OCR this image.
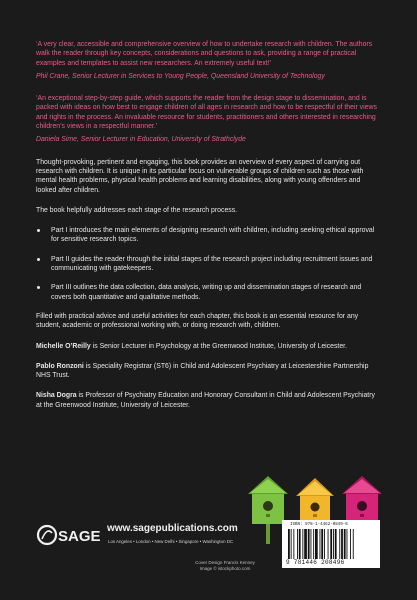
‘A very clear, accessible and comprehensive overview of how to undertake research with children. The authors walk the reader through key concepts, considerations and questions to ask, providing a range of practical examples and templates to assist new researchers. An extremely useful text!’

Phil Crane, Senior Lecturer in Services to Young People, Queensland University of Technology

‘An exceptional step-by-step guide, which supports the reader from the design stage to dissemination, and is packed with ideas on how best to engage children of all ages in research and how to be respectful of their views and rights in the process. An invaluable resource for students, practitioners and others interested in researching children’s views in a respectful manner.’

Daniela Sime, Senior Lecturer in Education, University of Strathclyde

Thought-provoking, pertinent and engaging, this book provides an overview of every aspect of carrying out research with children. It is unique in its particular focus on vulnerable groups of children such as those with mental health problems, physical health problems and learning disabilities, along with young offenders and looked after children.

The book helpfully addresses each stage of the research process.

Part I introduces the main elements of designing research with children, including seeking ethical approval for sensitive research topics.
Part II guides the reader through the initial stages of the research project including recruitment issues and communicating with gatekeepers.
Part III outlines the data collection, data analysis, writing up and dissemination stages of research and covers both quantitative and qualitative methods.

Filled with practical advice and useful activities for each chapter, this book is an essential resource for any student, academic or professional working with, or doing research with, children.

Michelle O’Reilly is Senior Lecturer in Psychology at the Greenwood Institute, University of Leicester.

Pablo Ronzoni is Speciality Registrar (ST6) in Child and Adolescent Psychiatry at Leicestershire Partnership NHS Trust.

Nisha Dogra is Professor of Psychiatry Education and Honorary Consultant in Child and Adolescent Psychiatry at the Greenwood Institute, University of Leicester.

SAGE www.sagepublications.com
Los Angeles • London • New Delhi • Singapore • Washington DC
Cover Design Francis Kenney
Image © istockphoto.com
ISBN: 978-1-4462-0849-6
9 781446 208496
